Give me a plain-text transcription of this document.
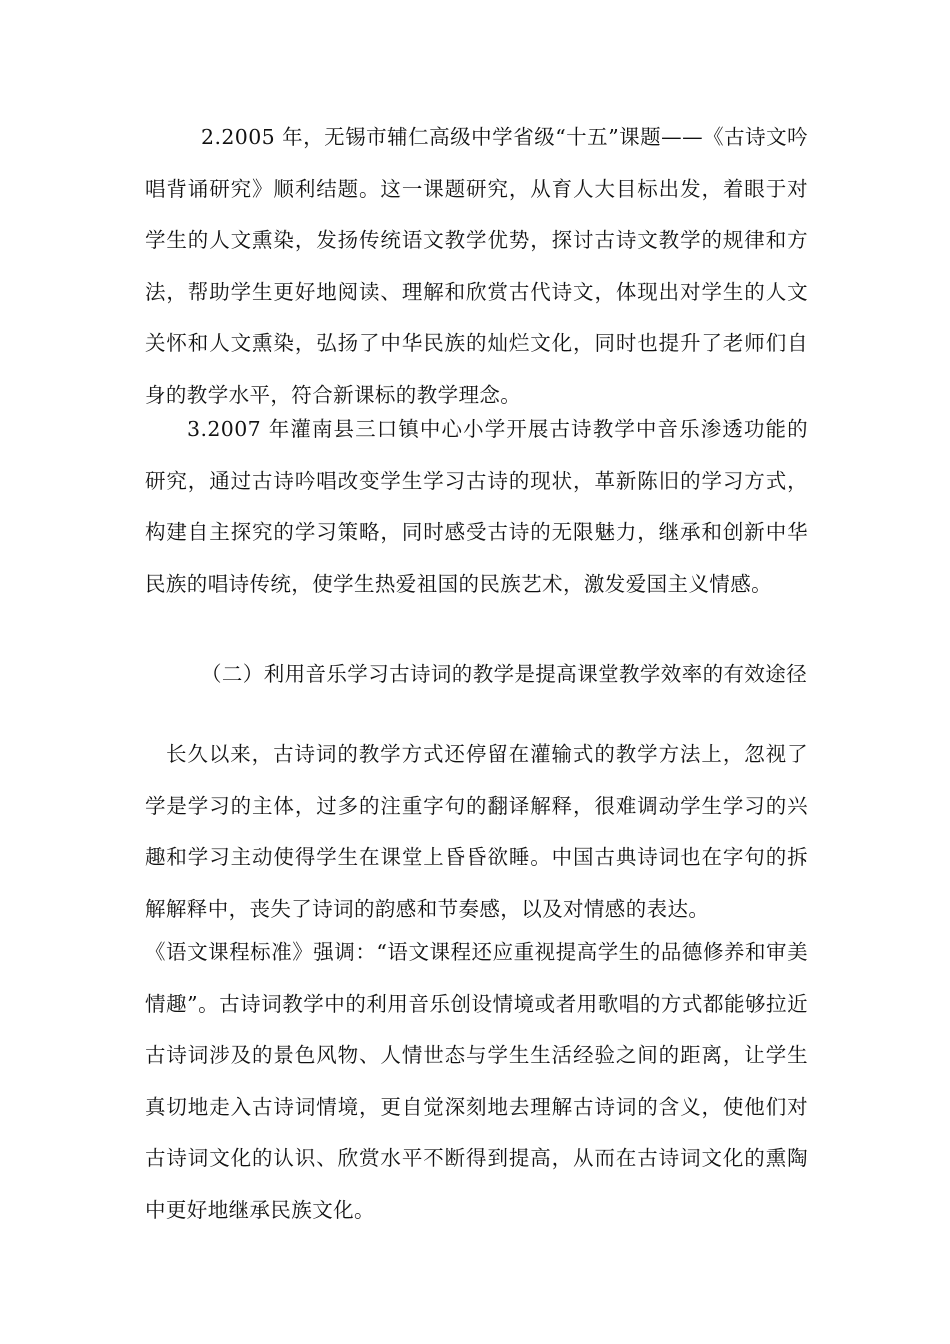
2.2005 年，无锡市辅仁高级中学省级“十五”课题——《古诗文吟唱背诵研究》顺利结题。这一课题研究，从育人大目标出发，着眼于对学生的人文熏染，发扬传统语文教学优势，探讨古诗文教学的规律和方法，帮助学生更好地阅读、理解和欣赏古代诗文，体现出对学生的人文关怀和人文熏染，弘扬了中华民族的灿烂文化，同时也提升了老师们自身的教学水平，符合新课标的教学理念。

3.2007 年灌南县三口镇中心小学开展古诗教学中音乐渗透功能的研究，通过古诗吟唱改变学生学习古诗的现状，革新陈旧的学习方式，构建自主探究的学习策略，同时感受古诗的无限魅力，继承和创新中华民族的唱诗传统，使学生热爱祖国的民族艺术，激发爱国主义情感。

（二）利用音乐学习古诗词的教学是提高课堂教学效率的有效途径

长久以来，古诗词的教学方式还停留在灌输式的教学方法上，忽视了学是学习的主体，过多的注重字句的翻译解释，很难调动学生学习的兴趣和学习主动使得学生在课堂上昏昏欲睡。中国古典诗词也在字句的拆解解释中，丧失了诗词的韵感和节奏感，以及对情感的表达。

《语文课程标准》强调：“语文课程还应重视提高学生的品德修养和审美情趣”。古诗词教学中的利用音乐创设情境或者用歌唱的方式都能够拉近古诗词涉及的景色风物、人情世态与学生生活经验之间的距离，让学生真切地走入古诗词情境，更自觉深刻地去理解古诗词的含义，使他们对古诗词文化的认识、欣赏水平不断得到提高，从而在古诗词文化的熏陶中更好地继承民族文化。
